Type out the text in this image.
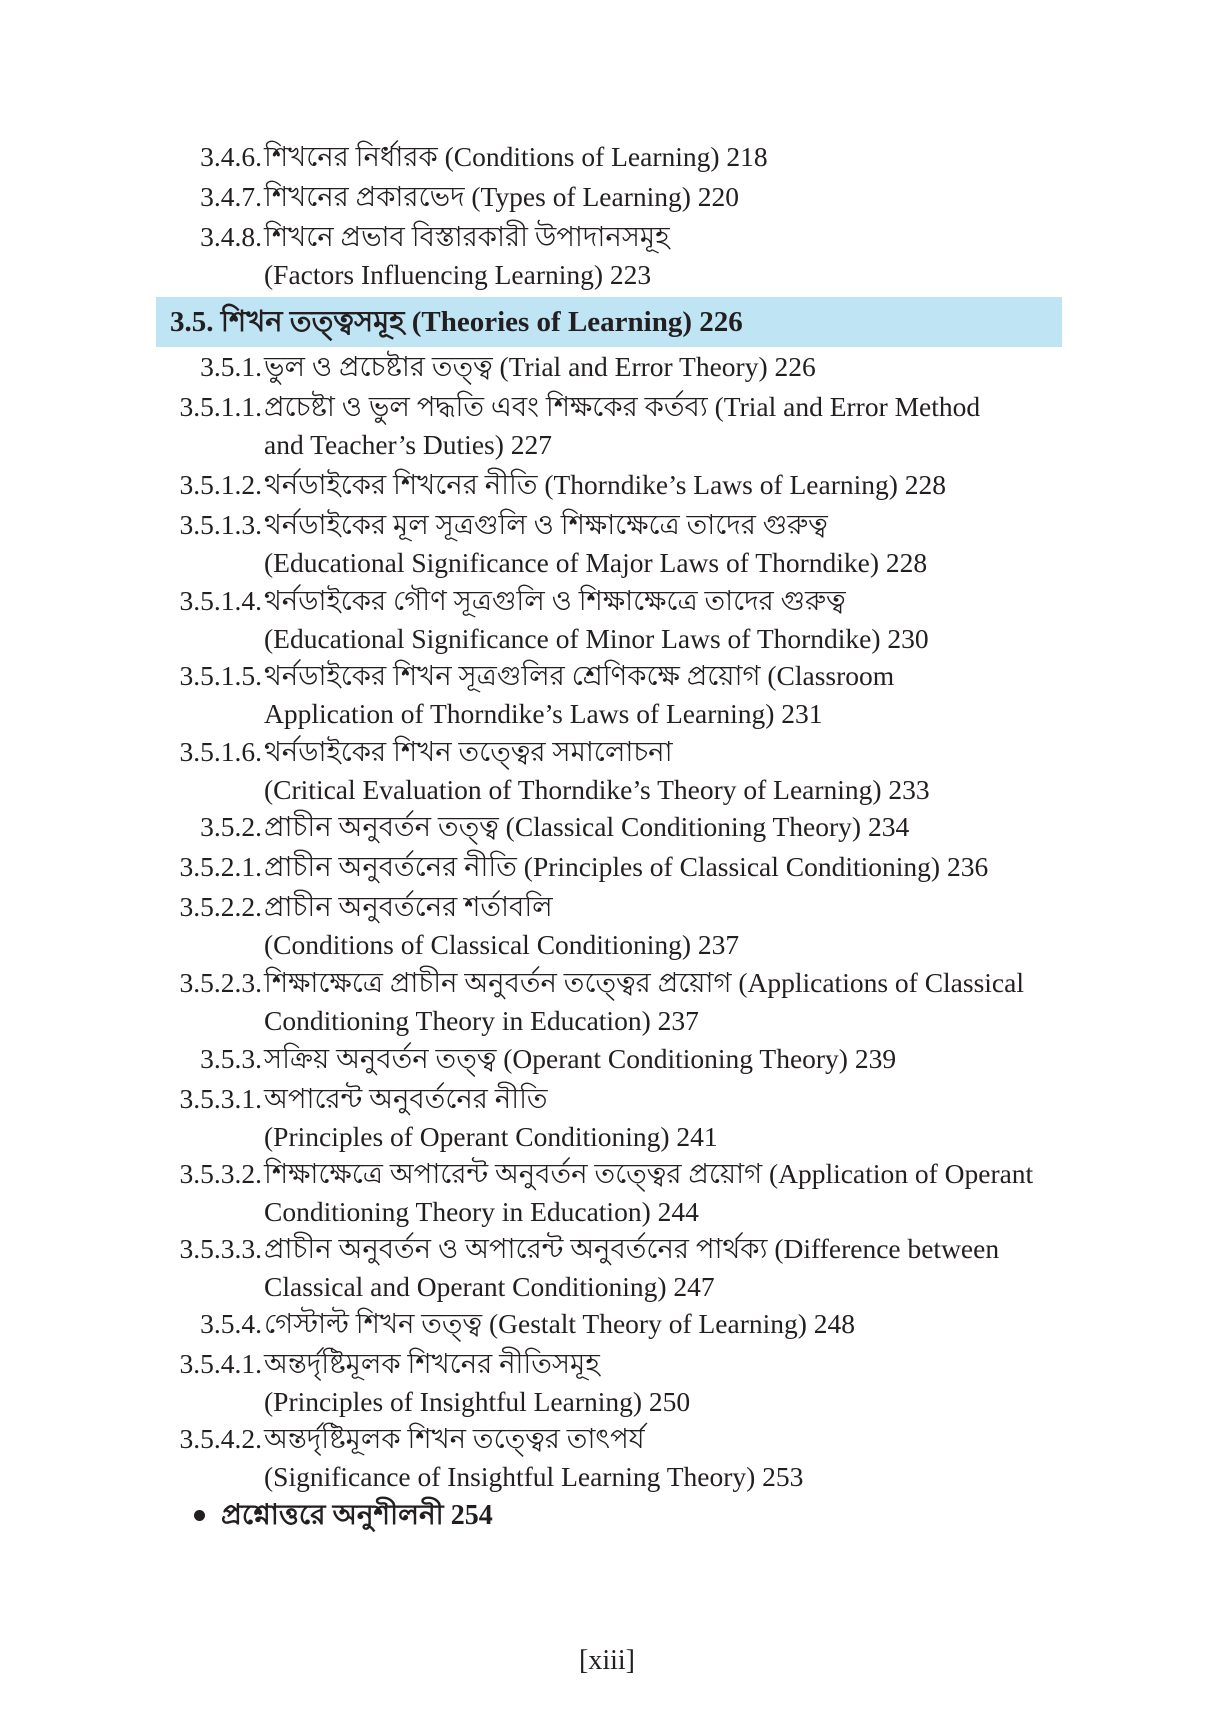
3.4.6. শিখনের নির্ধারক (Conditions of Learning) 218
3.4.7. শিখনের প্রকারভেদ (Types of Learning) 220
3.4.8. শিখনে প্রভাব বিস্তারকারী উপাদানসমূহ
(Factors Influencing Learning) 223
3.5. শিখন তত্ত্বসমূহ (Theories of Learning) 226
3.5.1. ভুল ও প্রচেষ্টার তত্ত্ব (Trial and Error Theory) 226
3.5.1.1. প্রচেষ্টা ও ভুল পদ্ধতি এবং শিক্ষকের কর্তব্য (Trial and Error Method
and Teacher’s Duties) 227
3.5.1.2. থর্নডাইকের শিখনের নীতি (Thorndike’s Laws of Learning) 228
3.5.1.3. থর্নডাইকের মূল সূত্রগুলি ও শিক্ষাক্ষেত্রে তাদের গুরুত্ব
(Educational Significance of Major Laws of Thorndike) 228
3.5.1.4. থর্নডাইকের গৌণ সূত্রগুলি ও শিক্ষাক্ষেত্রে তাদের গুরুত্ব
(Educational Significance of Minor Laws of Thorndike) 230
3.5.1.5. থর্নডাইকের শিখন সূত্রগুলির শ্রেণিকক্ষে প্রয়োগ (Classroom
Application of Thorndike’s Laws of Learning) 231
3.5.1.6. থর্নডাইকের শিখন তত্ত্বের সমালোচনা
(Critical Evaluation of Thorndike’s Theory of Learning) 233
3.5.2. প্রাচীন অনুবর্তন তত্ত্ব (Classical Conditioning Theory) 234
3.5.2.1. প্রাচীন অনুবর্তনের নীতি (Principles of Classical Conditioning) 236
3.5.2.2. প্রাচীন অনুবর্তনের শর্তাবলি
(Conditions of Classical Conditioning) 237
3.5.2.3. শিক্ষাক্ষেত্রে প্রাচীন অনুবর্তন তত্ত্বের প্রয়োগ (Applications of Classical
Conditioning Theory in Education) 237
3.5.3. সক্রিয় অনুবর্তন তত্ত্ব (Operant Conditioning Theory) 239
3.5.3.1. অপারেন্ট অনুবর্তনের নীতি
(Principles of Operant Conditioning) 241
3.5.3.2. শিক্ষাক্ষেত্রে অপারেন্ট অনুবর্তন তত্ত্বের প্রয়োগ (Application of Operant
Conditioning Theory in Education) 244
3.5.3.3. প্রাচীন অনুবর্তন ও অপারেন্ট অনুবর্তনের পার্থক্য (Difference between
Classical and Operant Conditioning) 247
3.5.4. গেস্টাল্ট শিখন তত্ত্ব (Gestalt Theory of Learning) 248
3.5.4.1. অন্তর্দৃষ্টিমূলক শিখনের নীতিসমূহ
(Principles of Insightful Learning) 250
3.5.4.2. অন্তর্দৃষ্টিমূলক শিখন তত্ত্বের তাৎপর্য
(Significance of Insightful Learning Theory) 253
প্রশ্নোত্তরে অনুশীলনী 254
[xiii]
